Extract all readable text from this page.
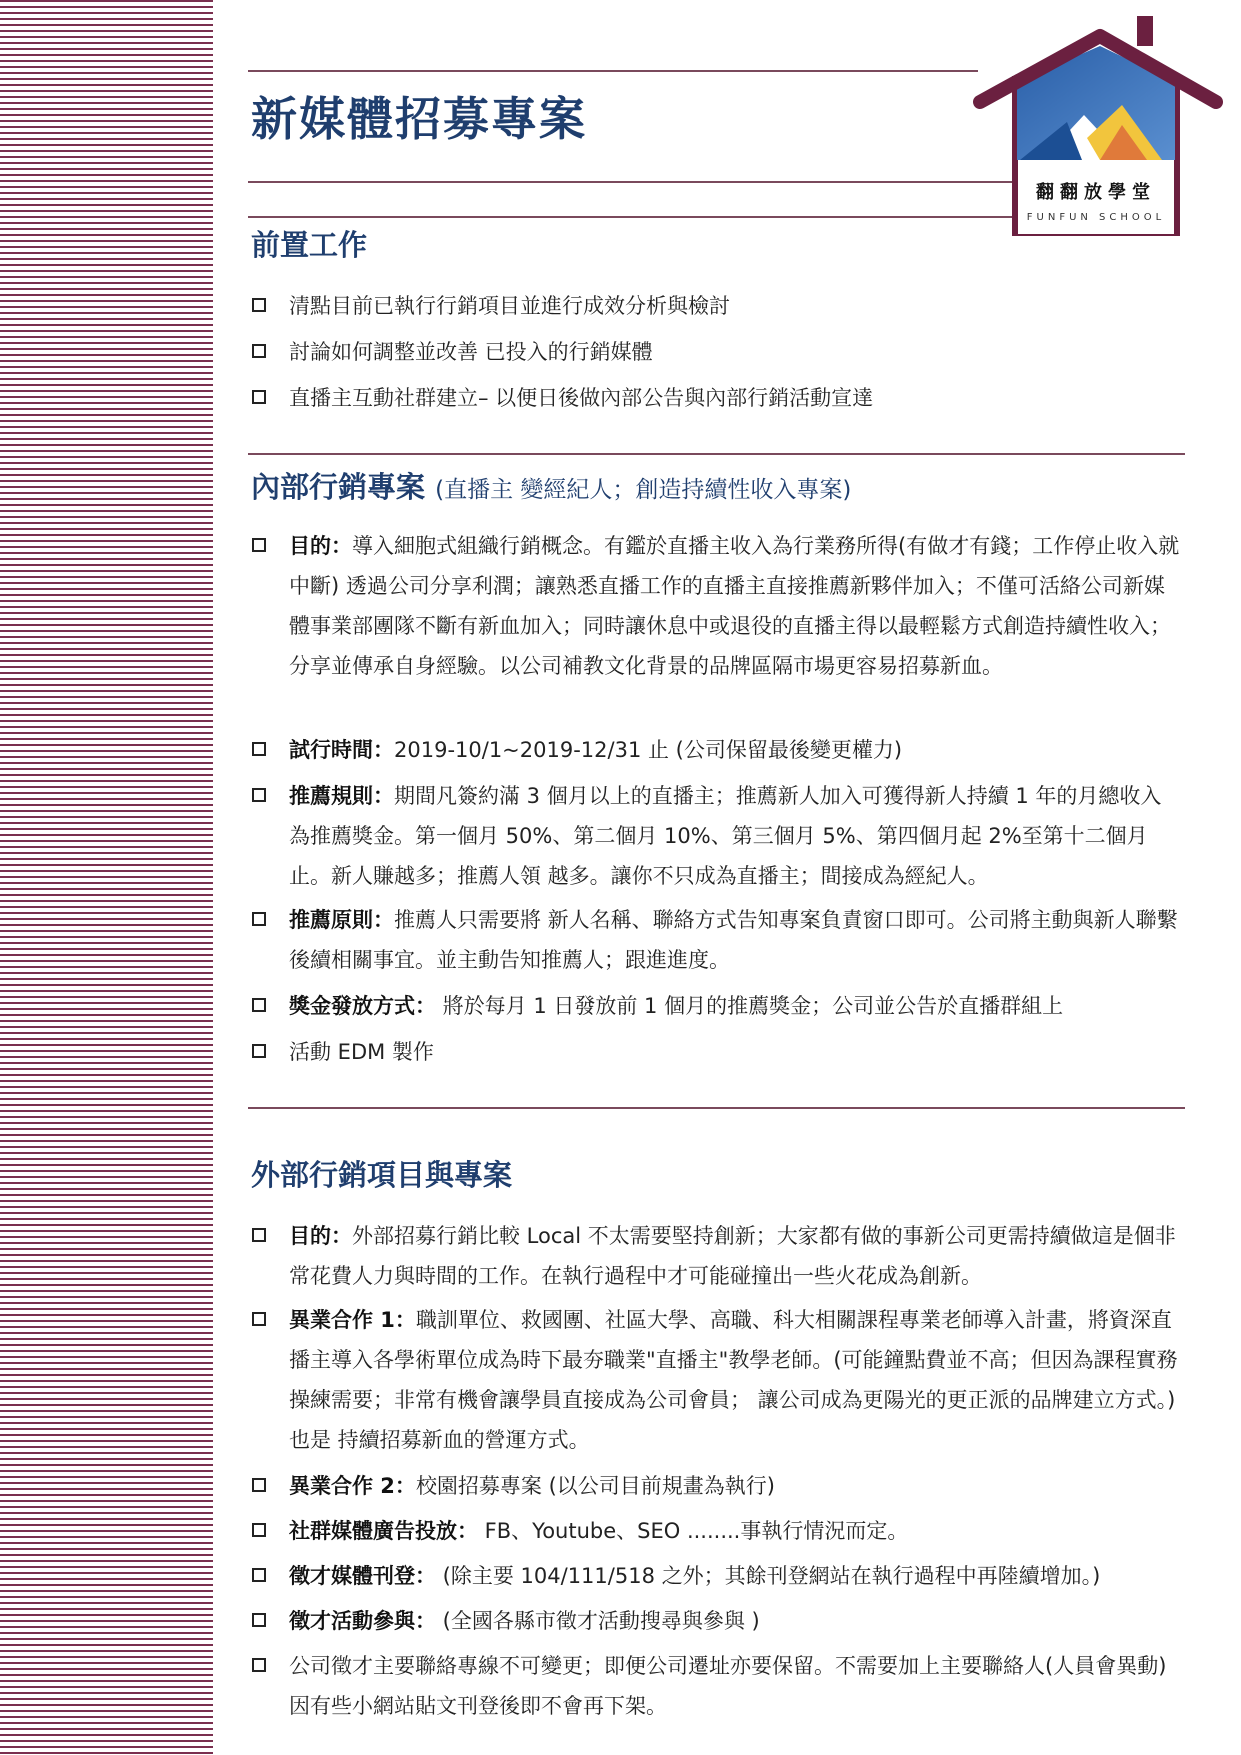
新媒體招募專案
翻翻放學堂
FUNFUN SCHOOL
前置工作
清點目前已執行行銷項目並進行成效分析與檢討
討論如何調整並改善 已投入的行銷媒體
直播主互動社群建立– 以便日後做內部公告與內部行銷活動宣達
內部行銷專案 (直播主 變經紀人；創造持續性收入專案)
目的：導入細胞式組織行銷概念。有鑑於直播主收入為行業務所得(有做才有錢；工作停止收入就中斷) 透過公司分享利潤；讓熟悉直播工作的直播主直接推薦新夥伴加入；不僅可活絡公司新媒體事業部團隊不斷有新血加入；同時讓休息中或退役的直播主得以最輕鬆方式創造持續性收入；分享並傳承自身經驗。以公司補教文化背景的品牌區隔市場更容易招募新血。
試行時間：2019-10/1~2019-12/31 止 (公司保留最後變更權力)
推薦規則：期間凡簽約滿 3 個月以上的直播主；推薦新人加入可獲得新人持續 1 年的月總收入為推薦獎金。第一個月 50%、第二個月 10%、第三個月 5%、第四個月起 2%至第十二個月止。新人賺越多；推薦人領 越多。讓你不只成為直播主；間接成為經紀人。
推薦原則：推薦人只需要將 新人名稱、聯絡方式告知專案負責窗口即可。公司將主動與新人聯繫後續相關事宜。並主動告知推薦人；跟進進度。
獎金發放方式： 將於每月 1 日發放前 1 個月的推薦獎金；公司並公告於直播群組上
活動 EDM 製作
外部行銷項目與專案
目的：外部招募行銷比較 Local 不太需要堅持創新；大家都有做的事新公司更需持續做這是個非常花費人力與時間的工作。在執行過程中才可能碰撞出一些火花成為創新。
異業合作 1：職訓單位、救國團、社區大學、高職、科大相關課程專業老師導入計畫，將資深直播主導入各學術單位成為時下最夯職業"直播主"教學老師。(可能鐘點費並不高；但因為課程實務操練需要；非常有機會讓學員直接成為公司會員； 讓公司成為更陽光的更正派的品牌建立方式。) 也是 持續招募新血的營運方式。
異業合作 2：校園招募專案 (以公司目前規畫為執行)
社群媒體廣告投放： FB、Youtube、SEO ........事執行情況而定。
徵才媒體刊登： (除主要 104/111/518 之外；其餘刊登網站在執行過程中再陸續增加。)
徵才活動參與： (全國各縣市徵才活動搜尋與參與 )
公司徵才主要聯絡專線不可變更；即便公司遷址亦要保留。不需要加上主要聯絡人(人員會異動)因有些小網站貼文刊登後即不會再下架。
